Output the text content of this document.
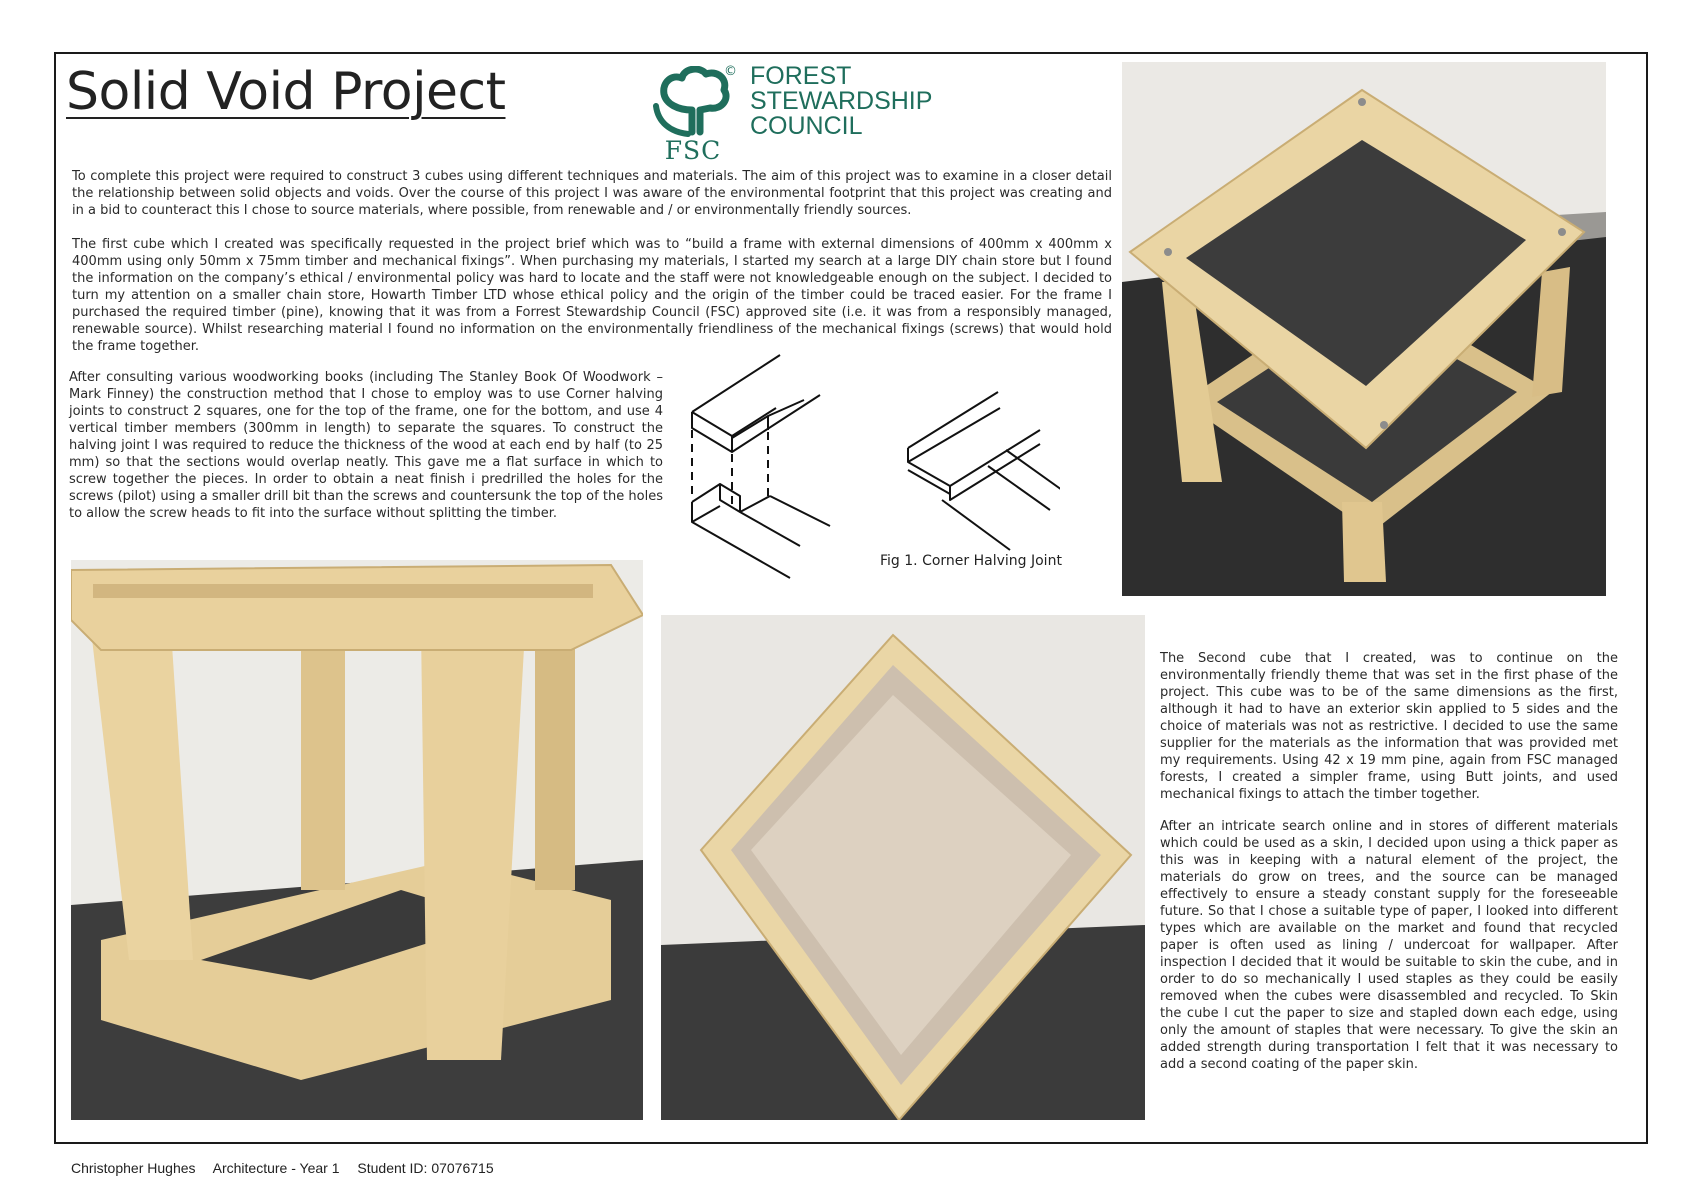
Solid Void Project	© FOREST
STEWARDSHIP
COUNCIL
FSC

To complete this project were required to construct 3 cubes using different techniques and materials. The aim of this project was to examine in a closer detail the relationship between solid objects and voids. Over the course of this project I was aware of the environmental footprint that this project was creating and in a bid to counteract this I chose to source materials, where possible, from renewable and / or environmentally friendly sources.

The first cube which I created was specifically requested in the project brief which was to “build a frame with external dimensions of 400mm x 400mm x 400mm using only 50mm x 75mm timber and mechanical fixings”. When purchasing my materials, I started my search at a large DIY chain store but I found the information on the company’s ethical / environmental policy was hard to locate and the staff were not knowledgeable enough on the subject. I decided to turn my attention on a smaller chain store, Howarth Timber LTD whose ethical policy and the origin of the timber could be traced easier. For the frame I purchased the required timber (pine), knowing that it was from a Forrest Stewardship Council (FSC) approved site (i.e. it was from a responsibly managed, renewable source). Whilst researching material I found no information on the environmentally friendliness of the mechanical fixings (screws) that would hold the frame together.

After consulting various woodworking books (including The Stanley Book Of Woodwork – Mark Finney) the construction method that I chose to employ was to use Corner halving joints to construct 2 squares, one for the top of the frame, one for the bottom, and use 4 vertical timber members (300mm in length) to separate the squares. To construct the halving joint I was required to reduce the thickness of the wood at each end by half (to 25 mm) so that the sections would overlap neatly. This gave me a flat surface in which to screw together the pieces. In order to obtain a neat finish i predrilled the holes for the screws (pilot) using a smaller drill bit than the screws and countersunk the top of the holes to allow the screw heads to fit into the surface without splitting the timber.

The Second cube that I created, was to continue on the environmentally friendly theme that was set in the first phase of the project. This cube was to be of the same dimensions as the first, although it had to have an exterior skin applied to 5 sides and the choice of materials was not as restrictive. I decided to use the same supplier for the materials as the information that was provided met my requirements. Using 42 x 19 mm pine, again from FSC managed forests, I created a simpler frame, using Butt joints, and used mechanical fixings to attach the timber together.

After an intricate search online and in stores of different materials which could be used as a skin, I decided upon using a thick paper as this was in keeping with a natural element of the project, the materials do grow on trees, and the source can be managed effectively to ensure a steady constant supply for the foreseeable future. So that I chose a suitable type of paper, I looked into different types which are available on the market and found that recycled paper is often used as lining / undercoat for wallpaper. After inspection I decided that it would be suitable to skin the cube, and in order to do so mechanically I used staples as they could be easily removed when the cubes were disassembled and recycled. To Skin the cube I cut the paper to size and stapled down each edge, using only the amount of staples that were necessary. To give the skin an added strength during transportation I felt that it was necessary to add a second coating of the paper skin.

Fig 1. Corner Halving Joint
Christopher Hughes Architecture - Year 1 Student ID: 07076715
